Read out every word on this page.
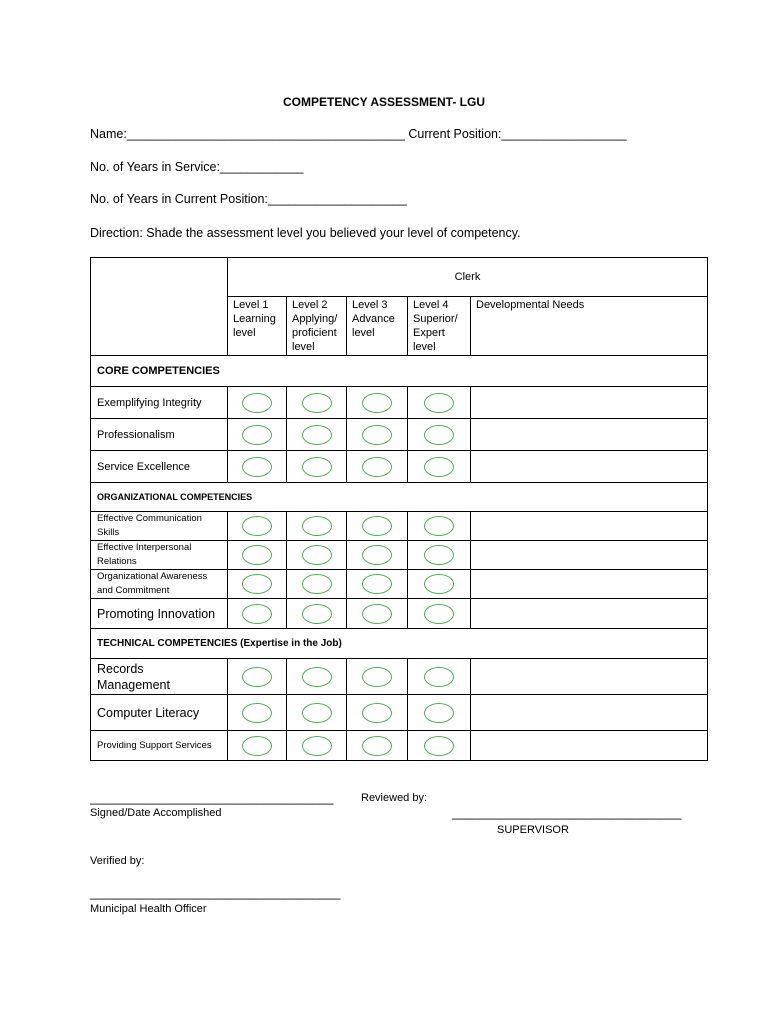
COMPETENCY ASSESSMENT- LGU
Name:________________________________________ Current Position:__________________
No. of Years in Service:____________
No. of Years in Current Position:____________________
Direction: Shade the assessment level you believed your level of competency.
	Clerk				
	Level 1
Learning
level	Level 2
Applying/
proficient
level	Level 3
Advance
level	Level 4
Superior/
Expert
level	Developmental Needs
CORE COMPETENCIES					
Exemplifying Integrity	

Professionalism	

Service Excellence	

ORGANIZATIONAL COMPETENCIES					
Effective Communication
Skills	

Effective Interpersonal
Relations	

Organizational Awareness
and Commitment	

Promoting Innovation	

TECHNICAL COMPETENCIES (Expertise in the Job)					
Records
Management	

Computer Literacy	

Providing Support Services	

___________________________________
Signed/Date Accomplished
Reviewed by:
_________________________________
SUPERVISOR
Verified by:
____________________________________
Municipal Health Officer
